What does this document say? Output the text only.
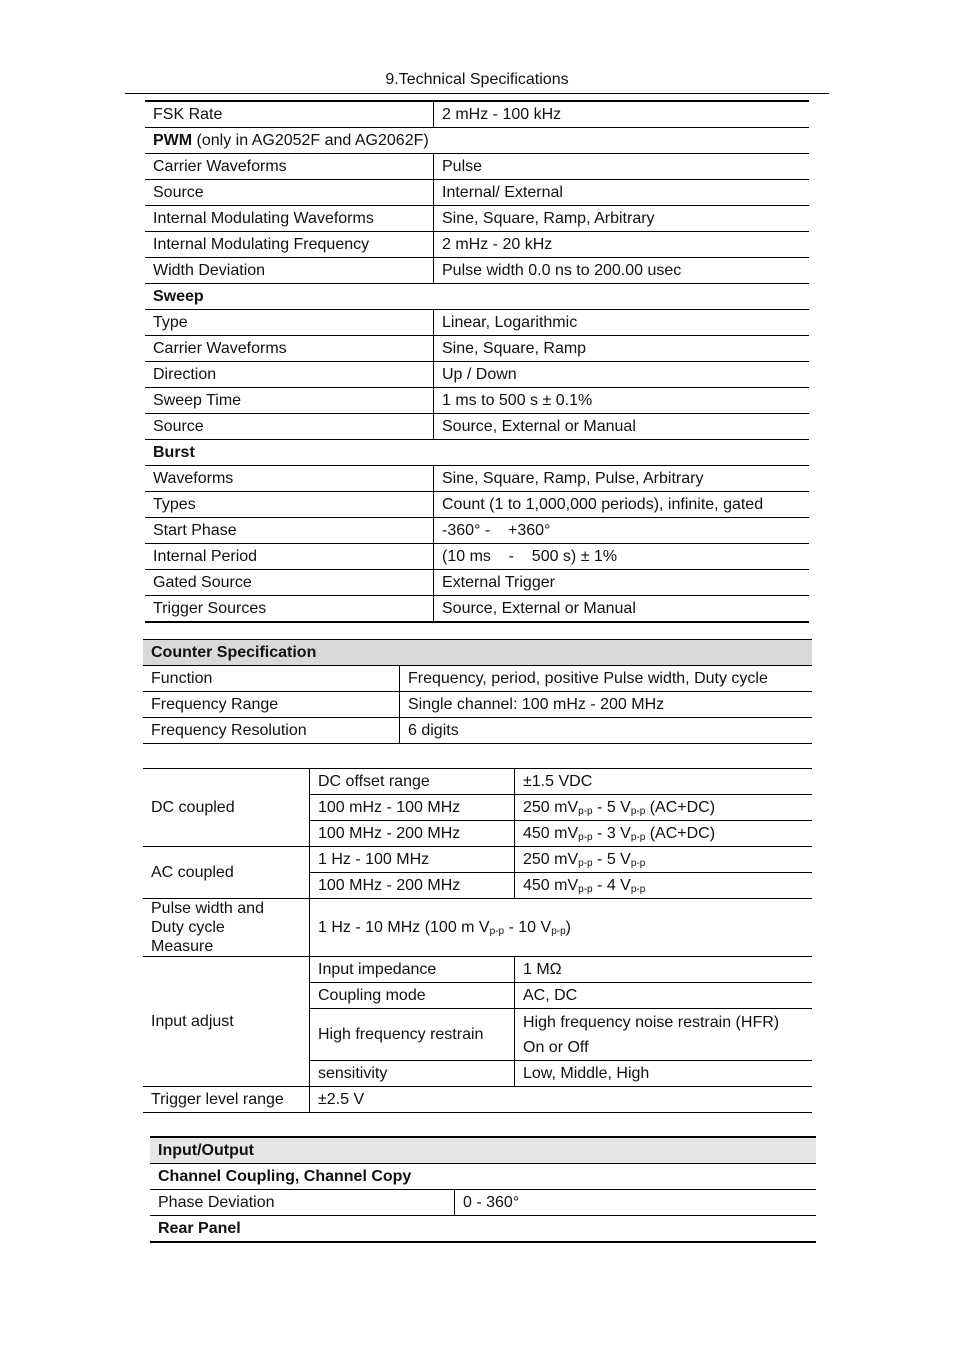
9.Technical Specifications
FSK Rate	2 mHz - 100 kHz
PWM (only in AG2052F and AG2062F)	
Carrier Waveforms	Pulse
Source	Internal/ External
Internal Modulating Waveforms	Sine, Square, Ramp, Arbitrary
Internal Modulating Frequency	2 mHz - 20 kHz
Width Deviation	Pulse width 0.0 ns to 200.00 usec
Sweep	
Type	Linear, Logarithmic
Carrier Waveforms	Sine, Square, Ramp
Direction	Up / Down
Sweep Time	1 ms to 500 s ± 0.1%
Source	Source, External or Manual
Burst	
Waveforms	Sine, Square, Ramp, Pulse, Arbitrary
Types	Count (1 to 1,000,000 periods), infinite, gated
Start Phase	-360° -    +360°
Internal Period	(10 ms    -    500 s) ± 1%
Gated Source	External Trigger
Trigger Sources	Source, External or Manual
Counter Specification	
Function	Frequency, period, positive Pulse width, Duty cycle
Frequency Range	Single channel: 100 mHz - 200 MHz
Frequency Resolution	6 digits
DC coupled	DC offset range	±1.5 VDC
	100 mHz - 100 MHz	250 $mV_{p-p} - 5$ $V_{p-p}$ (AC+DC)
	100 MHz - 200 MHz	450 $mV_{p-p} - 3$ $V_{p-p}$ (AC+DC)
AC coupled	1 Hz - 100 MHz	250 $mV_{p-p} - 5$ $V_{p-p}$
	100 MHz - 200 MHz	450 $mV_{p-p} - 4$ $V_{p-p}$
Pulse width and
Duty cycle
Measure	1 Hz - 10 MHz (100 m $V_{p-p} - 10$ $V_{p-p}$)	
Input adjust	Input impedance	1 MΩ
	Coupling mode	AC, DC
	High frequency restrain	High frequency noise restrain (HFR)
On or Off
	sensitivity	Low, Middle, High
Trigger level range	±2.5 V	
Input/Output
Channel Coupling, Channel Copy
Phase Deviation	0 - 360°
Rear Panel
